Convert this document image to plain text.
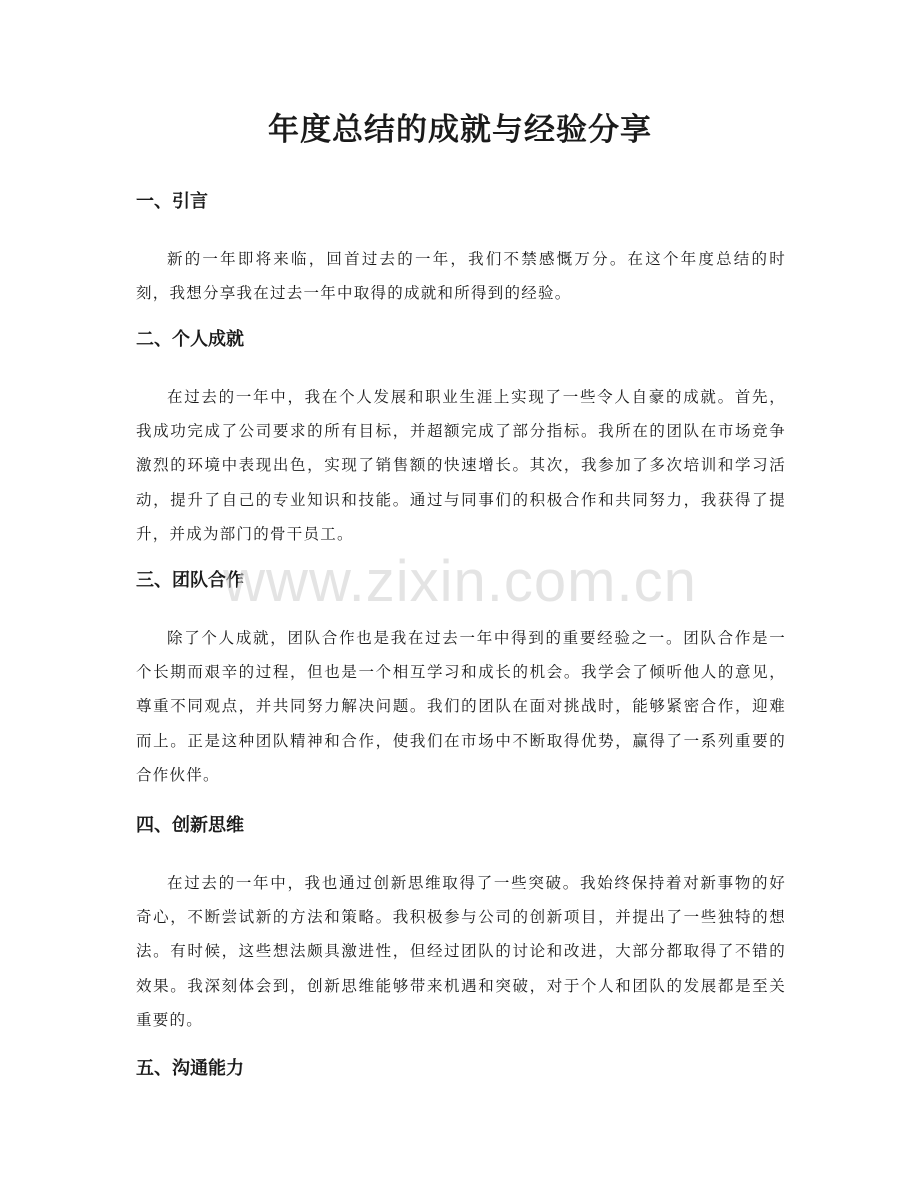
年度总结的成就与经验分享
一、引言

新的一年即将来临，回首过去的一年，我们不禁感慨万分。在这个年度总结的时刻，我想分享我在过去一年中取得的成就和所得到的经验。

二、个人成就

在过去的一年中，我在个人发展和职业生涯上实现了一些令人自豪的成就。首先，我成功完成了公司要求的所有目标，并超额完成了部分指标。我所在的团队在市场竞争激烈的环境中表现出色，实现了销售额的快速增长。其次，我参加了多次培训和学习活动，提升了自己的专业知识和技能。通过与同事们的积极合作和共同努力，我获得了提升，并成为部门的骨干员工。

三、团队合作

除了个人成就，团队合作也是我在过去一年中得到的重要经验之一。团队合作是一个长期而艰辛的过程，但也是一个相互学习和成长的机会。我学会了倾听他人的意见，尊重不同观点，并共同努力解决问题。我们的团队在面对挑战时，能够紧密合作，迎难而上。正是这种团队精神和合作，使我们在市场中不断取得优势，赢得了一系列重要的合作伙伴。

四、创新思维

在过去的一年中，我也通过创新思维取得了一些突破。我始终保持着对新事物的好奇心，不断尝试新的方法和策略。我积极参与公司的创新项目，并提出了一些独特的想法。有时候，这些想法颇具激进性，但经过团队的讨论和改进，大部分都取得了不错的效果。我深刻体会到，创新思维能够带来机遇和突破，对于个人和团队的发展都是至关重要的。

五、沟通能力
www.zixin.com.cn
